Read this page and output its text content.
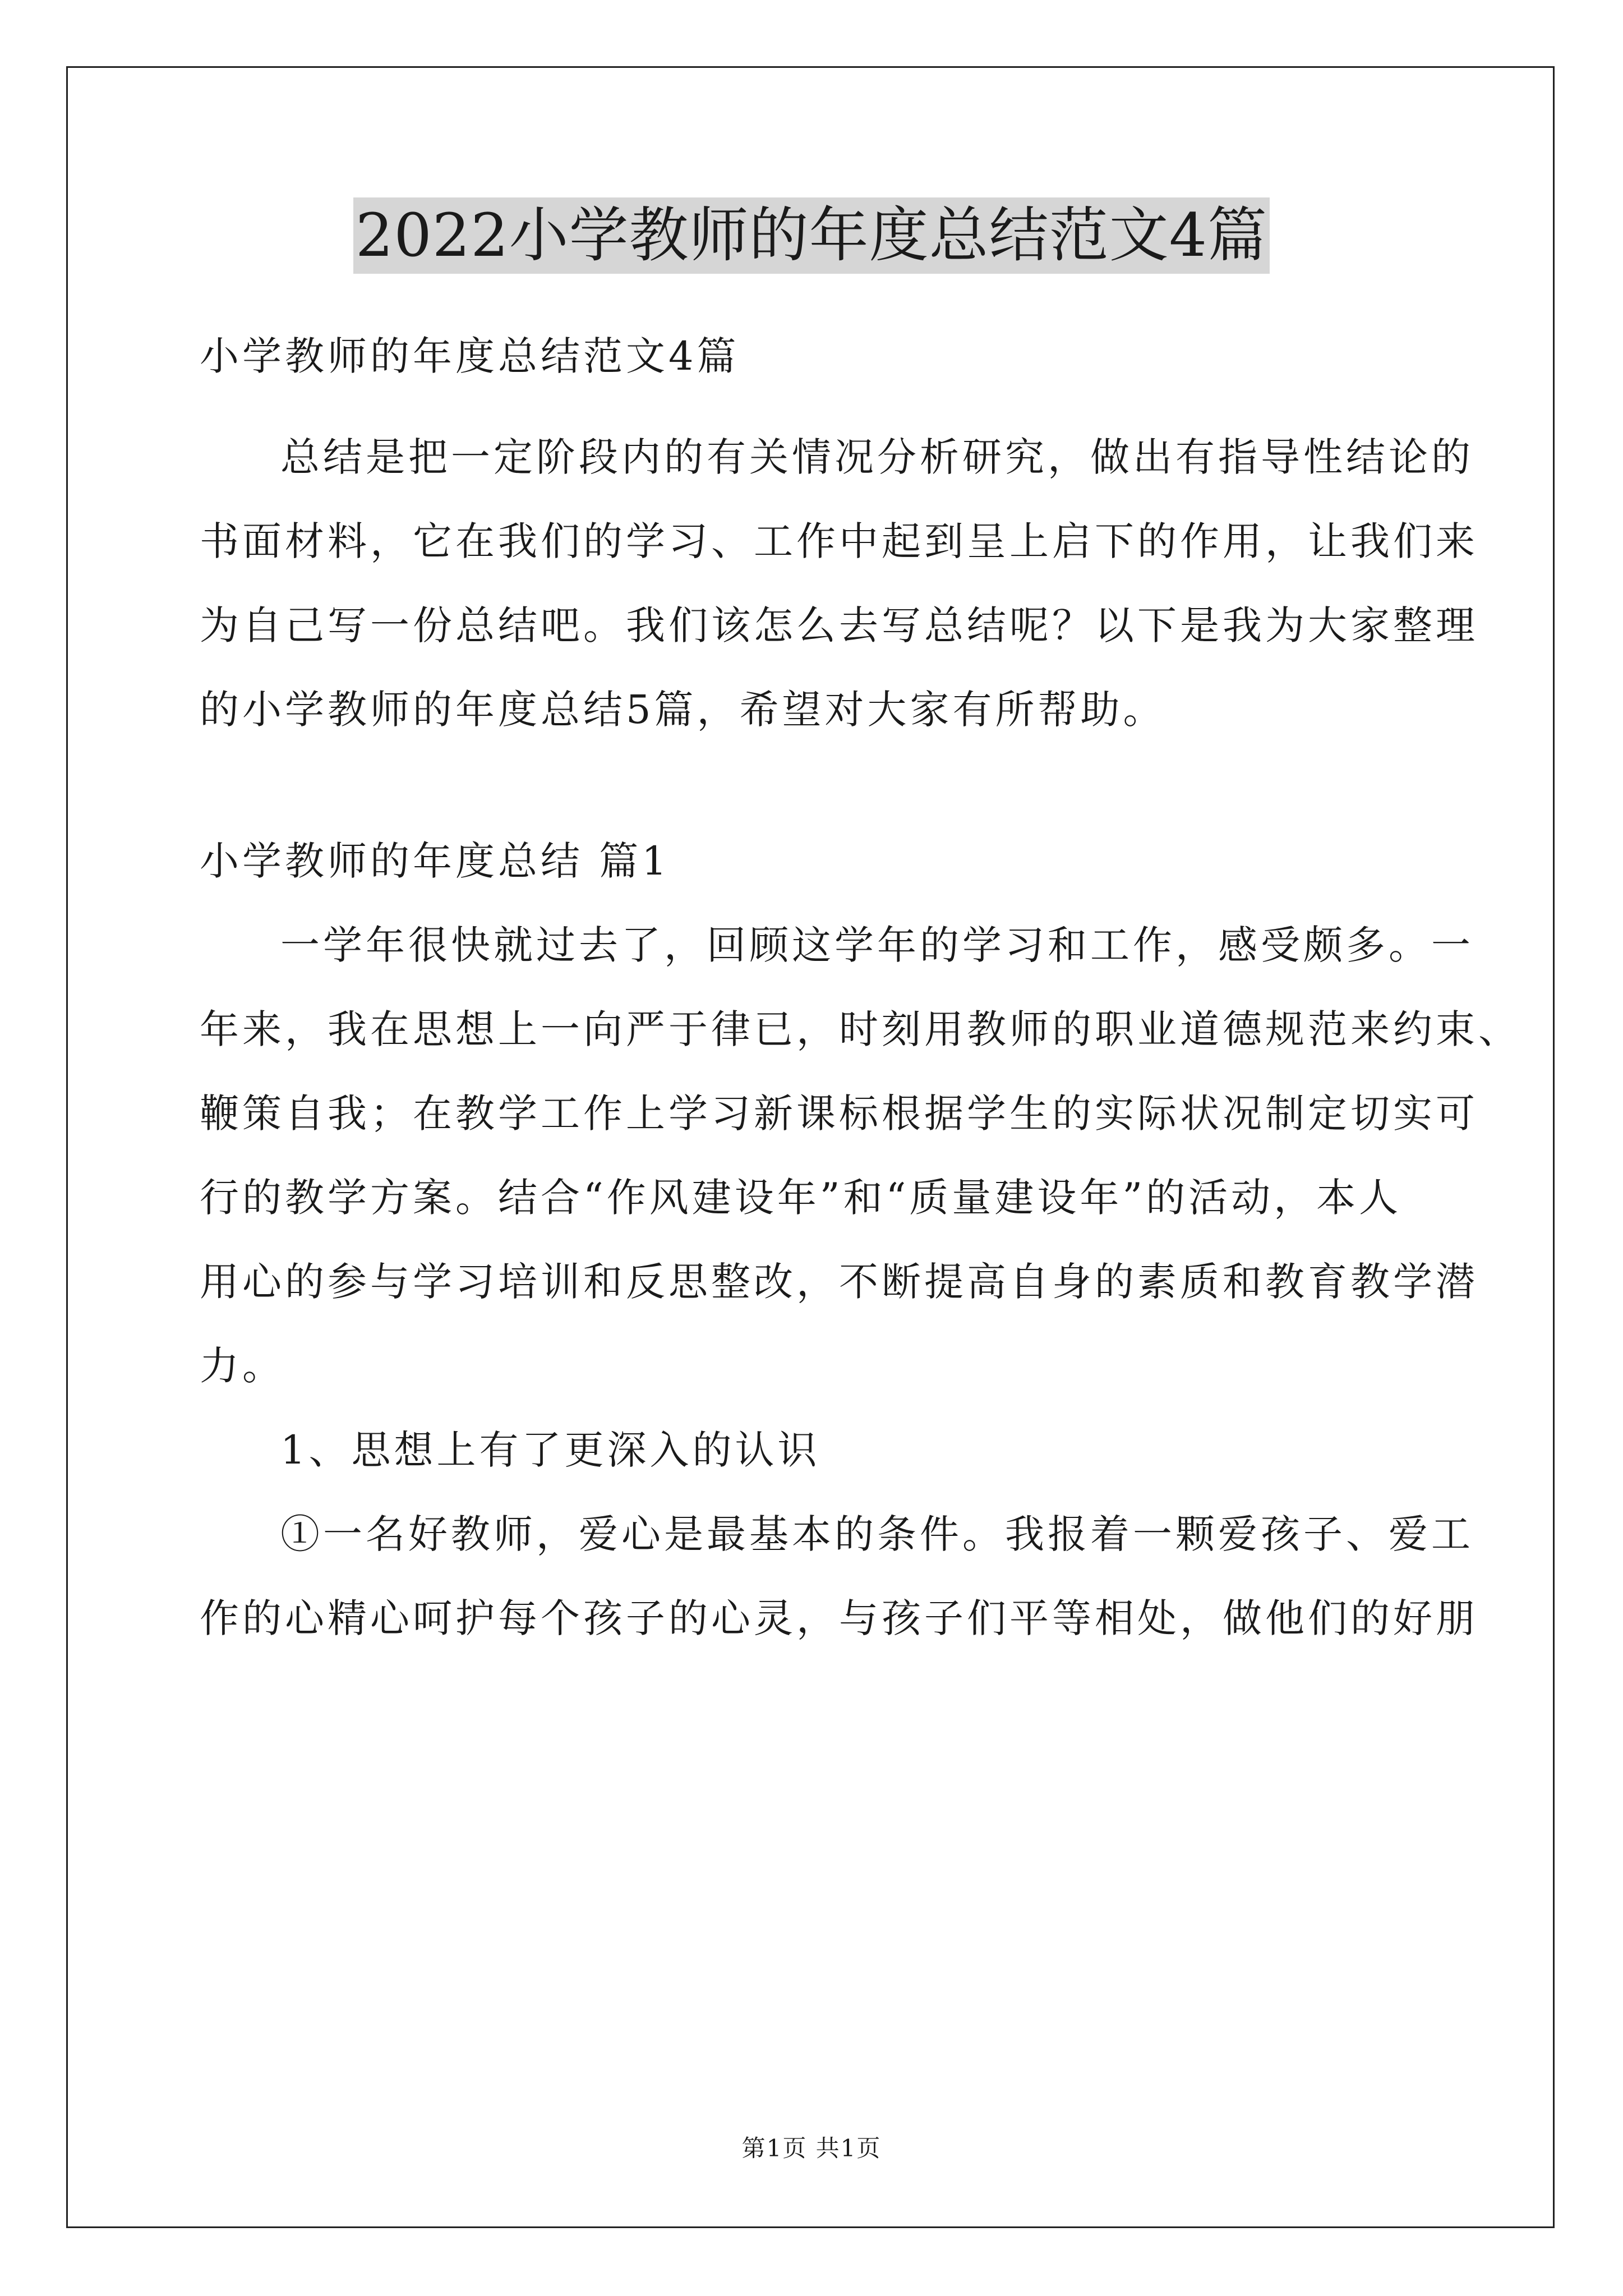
2022小学教师的年度总结范文4篇
小学教师的年度总结范文4篇
总结是把一定阶段内的有关情况分析研究，做出有指导性结论的
书面材料，它在我们的学习、工作中起到呈上启下的作用，让我们来
为自己写一份总结吧。我们该怎么去写总结呢？以下是我为大家整理
的小学教师的年度总结5篇，希望对大家有所帮助。
小学教师的年度总结 篇1
一学年很快就过去了，回顾这学年的学习和工作，感受颇多。一
年来，我在思想上一向严于律已，时刻用教师的职业道德规范来约束、
鞭策自我；在教学工作上学习新课标根据学生的实际状况制定切实可
行的教学方案。结合“作风建设年”和“质量建设年”的活动，本人
用心的参与学习培训和反思整改，不断提高自身的素质和教育教学潜
力。
1、思想上有了更深入的认识
①一名好教师，爱心是最基本的条件。我报着一颗爱孩子、爱工
作的心精心呵护每个孩子的心灵，与孩子们平等相处，做他们的好朋
第1页 共1页
